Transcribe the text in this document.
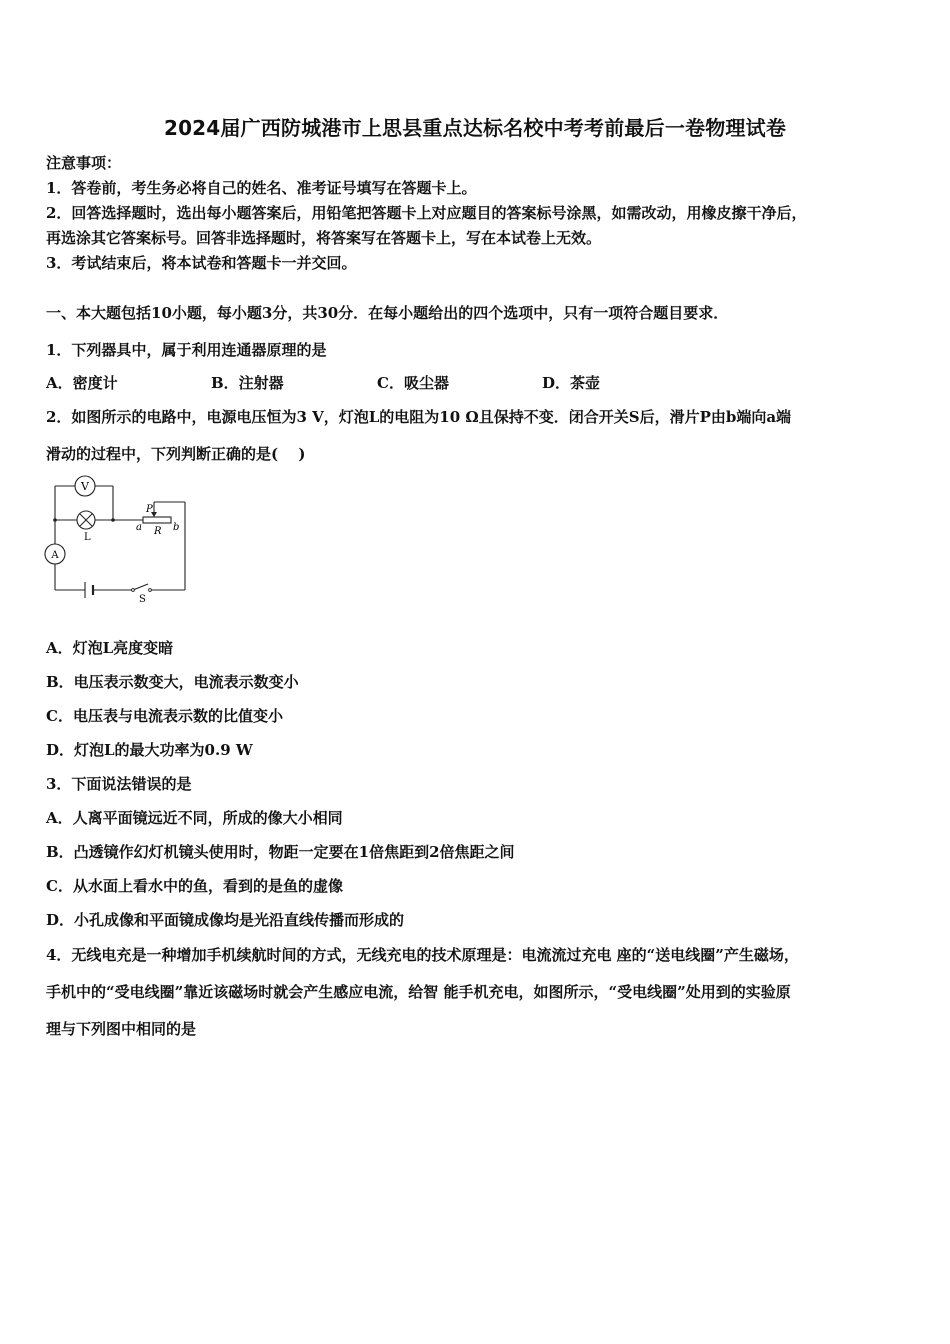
2024届广西防城港市上思县重点达标名校中考考前最后一卷物理试卷
注意事项：
1．答卷前，考生务必将自己的姓名、准考证号填写在答题卡上。
2．回答选择题时，选出每小题答案后，用铅笔把答题卡上对应题目的答案标号涂黑，如需改动，用橡皮擦干净后，
再选涂其它答案标号。回答非选择题时，将答案写在答题卡上，写在本试卷上无效。
3．考试结束后，将本试卷和答题卡一并交回。
一、本大题包括10小题，每小题3分，共30分．在每小题给出的四个选项中，只有一项符合题目要求．
1．下列器具中，属于利用连通器原理的是
A．密度计	B．注射器	C．吸尘器	D．茶壶
2．如图所示的电路中，电源电压恒为3 V，灯泡L的电阻为10 Ω且保持不变．闭合开关S后，滑片P由b端向a端
滑动的过程中，下列判断正确的是(　 )
V
L
A
P
a R b
S
A．灯泡L亮度变暗
B．电压表示数变大，电流表示数变小
C．电压表与电流表示数的比值变小
D．灯泡L的最大功率为0.9 W
3．下面说法错误的是
A．人离平面镜远近不同，所成的像大小相同
B．凸透镜作幻灯机镜头使用时，物距一定要在1倍焦距到2倍焦距之间
C．从水面上看水中的鱼，看到的是鱼的虚像
D．小孔成像和平面镜成像均是光沿直线传播而形成的
4．无线电充是一种增加手机续航时间的方式，无线充电的技术原理是：电流流过充电 座的“送电线圈”产生磁场，
手机中的“受电线圈”靠近该磁场时就会产生感应电流，给智 能手机充电，如图所示，“受电线圈”处用到的实验原
理与下列图中相同的是
